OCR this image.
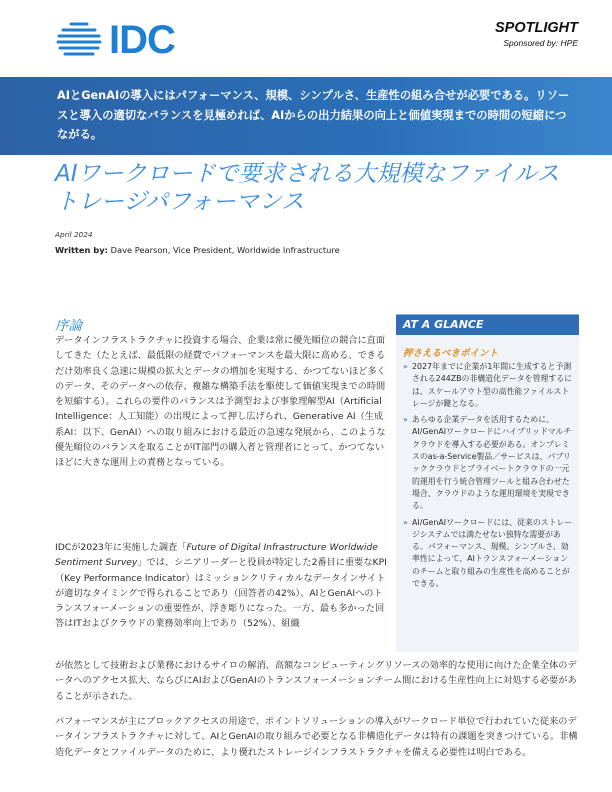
IDC	SPOTLIGHT
Sponsored by: HPE

AIとGenAIの導入にはパフォーマンス、規模、シンプルさ、生産性の組み合せが必要である。リソースと導入の適切なバランスを見極めれば、AIからの出力結果の向上と価値実現までの時間の短縮につながる。

AIワークロードで要求される大規模なファイルストレージパフォーマンス
April 2024
Written by: Dave Pearson, Vice President, Worldwide Infrastructure
序論

データインフラストラクチャに投資する場合、企業は常に優先順位の競合に直面してきた（たとえば、最低限の経費でパフォーマンスを最大限に高める、できるだけ効率良く急速に規模の拡大とデータの増加を実現する、かつてないほど多くのデータ、そのデータへの依存、複雑な構築手法を駆使して価値実現までの時間を短縮する）。これらの要件のバランスは予測型および事象理解型AI（Artificial Intelligence：人工知能）の出現によって押し広げられ、Generative AI（生成系AI：以下、GenAI）への取り組みにおける最近の急速な発展から、このような優先順位のバランスを取ることがIT部門の購入者と管理者にとって、かつてないほどに大きな運用上の責務となっている。

IDCが2023年に実施した調査「Future of Digital Infrastructure Worldwide Sentiment Survey」では、シニアリーダーと役員が特定した2番目に重要なKPI（Key Performance Indicator）はミッションクリティカルなデータインサイトが適切なタイミングで得られることであり（回答者の42%）、AIとGenAIへのトランスフォーメーションの重要性が、浮き彫りになった。一方、最も多かった回答はITおよびクラウドの業務効率向上であり（52%）、組織

が依然として技術および業務におけるサイロの解消、高額なコンピューティングリソースの効率的な使用に向けた企業全体のデータへのアクセス拡大、ならびにAIおよびGenAIのトランスフォーメーションチーム間における生産性向上に対処する必要があることが示された。

パフォーマンスが主にブロックアクセスの用途で、ポイントソリューションの導入がワークロード単位で行われていた従来のデータインフラストラクチャに対して、AIとGenAIの取り組みで必要となる非構造化データは特有の課題を突きつけている。非構造化データとファイルデータのために、より優れたストレージインフラストラクチャを備える必要性は明白である。

AT A GLANCE
押さえるべきポイント
» 2027年までに企業が1年間に生成すると予測される244ZBの非構造化データを管理するには、スケールアウト型の高性能ファイルストレージが鍵となる。
» あらゆる企業データを活用するために、AI/GenAIワークロードにハイブリッドマルチクラウドを導入する必要がある。オンプレミスのas-a-Service製品／サービスは、パブリッククラウドとプライベートクラウドの一元的運用を行う統合管理ツールと組み合わせた場合、クラウドのような運用環境を実現できる。
» AI/GenAIワークロードには、従来のストレージシステムでは満たせない独特な需要がある。パフォーマンス、規模、シンプルさ、効率性によって、AIトランスフォーメーションのチームと取り組みの生産性を高めることができる。
